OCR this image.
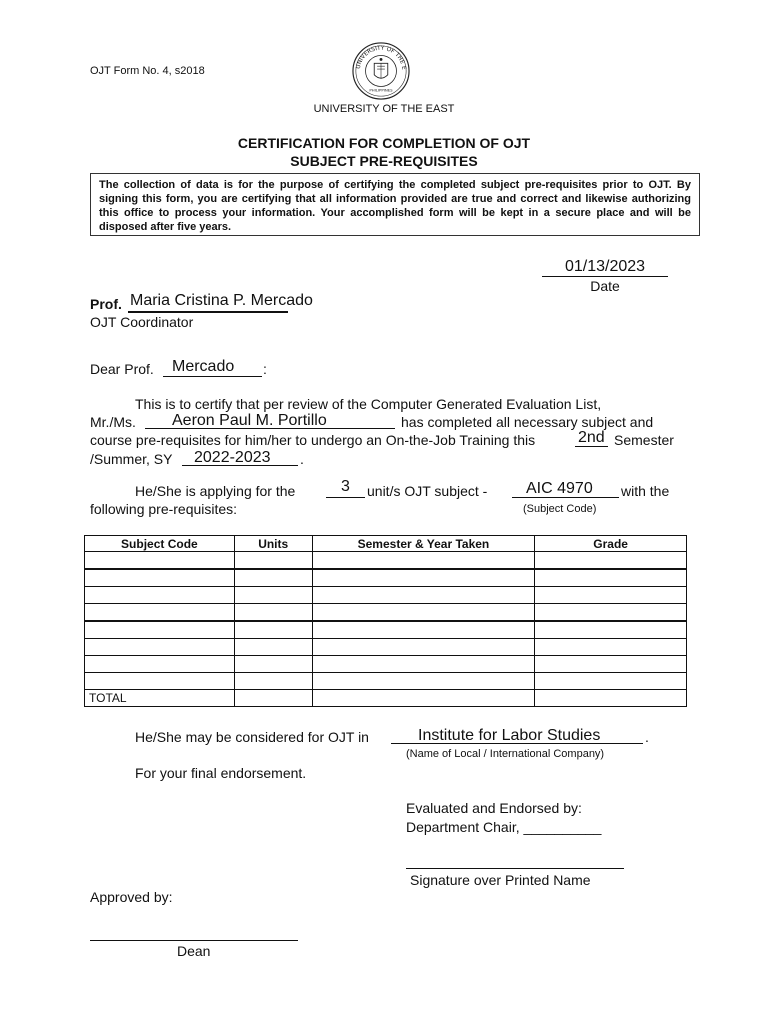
OJT Form No. 4, s2018	UNIVERSITY OF THE E
PHILIPPINES
UNIVERSITY OF THE EAST
CERTIFICATION FOR COMPLETION OF OJT
SUBJECT PRE-REQUISITES
The collection of data is for the purpose of certifying the completed subject pre-requisites prior to OJT. By signing this form, you are certifying that all information provided are true and correct and likewise authorizing this office to process your information. Your accomplished form will be kept in a secure place and will be disposed after five years.
01/13/2023
Date
Prof. Maria Cristina P. Mercado
OJT Coordinator
Dear Prof. Mercado :
This is to certify that per review of the Computer Generated Evaluation List,
Mr./Ms. Aeron Paul M. Portillo	has completed all necessary subject and
course pre-requisites for him/her to undergo an On-the-Job Training this	2nd Semester
/Summer, SY 2022-2023 .
He/She is applying for the	3 unit/s OJT subject - AIC 4970 with the
following pre-requisites:	(Subject Code)
Subject Code	Units	Semester & Year Taken	Grade

TOTAL			
He/She may be considered for OJT in	Institute for Labor Studies	.
(Name of Local / International Company)
For your final endorsement.
Evaluated and Endorsed by:
Department Chair, __________
Signature over Printed Name
Approved by:
Dean
